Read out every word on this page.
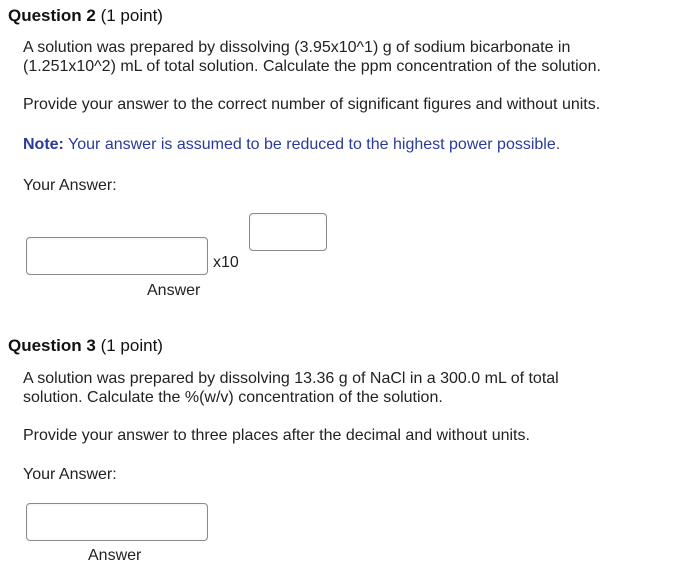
Question 2 (1 point)
A solution was prepared by dissolving (3.95x10^1) g of sodium bicarbonate in
(1.251x10^2) mL of total solution. Calculate the ppm concentration of the solution.
Provide your answer to the correct number of significant figures and without units.
Note: Your answer is assumed to be reduced to the highest power possible.
Your Answer:
x10
Answer
Question 3 (1 point)
A solution was prepared by dissolving 13.36 g of NaCl in a 300.0 mL of total
solution. Calculate the %(w/v) concentration of the solution.
Provide your answer to three places after the decimal and without units.
Your Answer:
Answer
